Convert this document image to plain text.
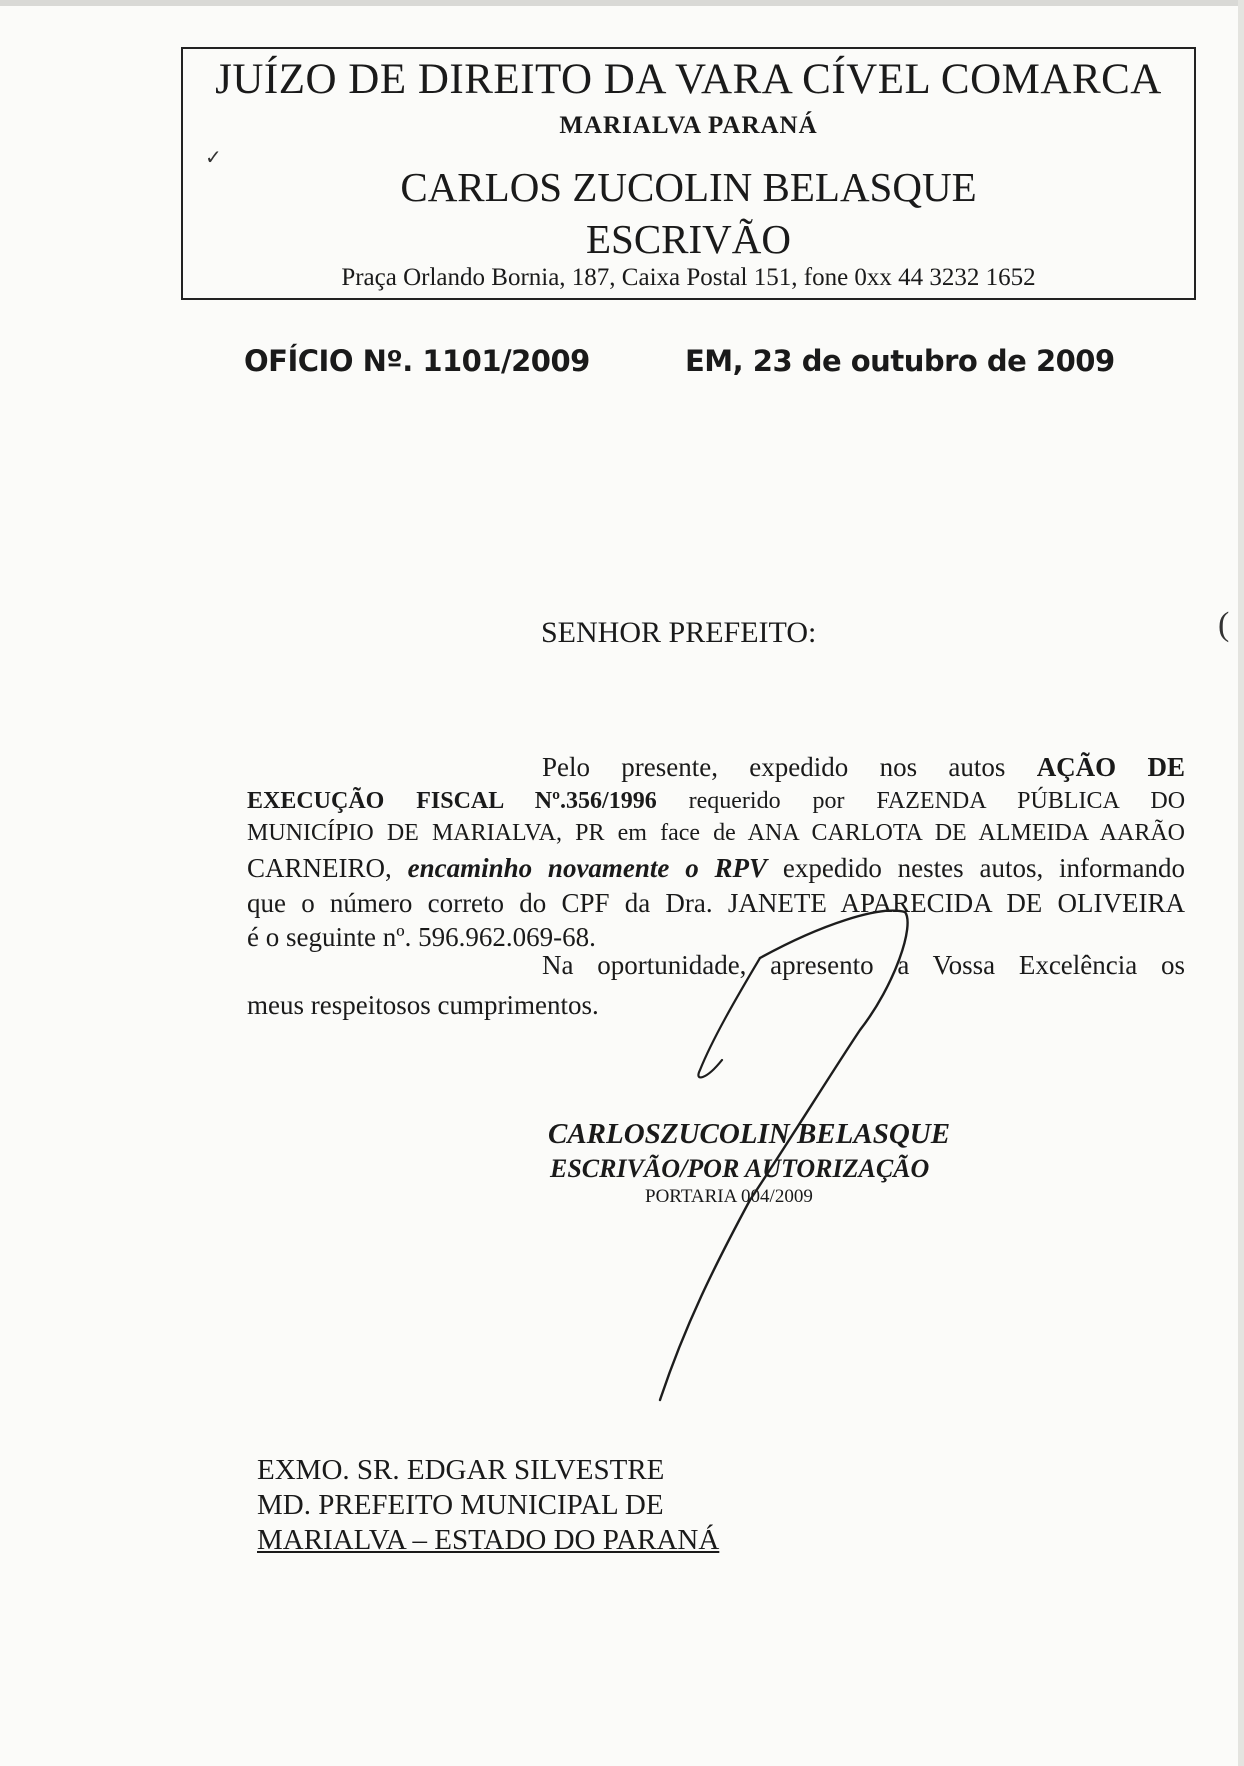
JUÍZO DE DIREITO DA VARA CÍVEL COMARCA
MARIALVA PARANÁ
✓
CARLOS ZUCOLIN BELASQUE
ESCRIVÃO
Praça Orlando Bornia, 187, Caixa Postal 151, fone 0xx 44 3232 1652
OFÍCIO Nº. 1101/2009	EM, 23 de outubro de 2009
SENHOR PREFEITO:	(
Pelo presente, expedido nos autos AÇÃO DE
EXECUÇÃO FISCAL Nº.356/1996 requerido por FAZENDA PÚBLICA DO
MUNICÍPIO DE MARIALVA, PR em face de ANA CARLOTA DE ALMEIDA AARÃO
CARNEIRO, encaminho novamente o RPV expedido nestes autos, informando
que o número correto do CPF da Dra. JANETE APARECIDA DE OLIVEIRA
é o seguinte nº. 596.962.069-68.
Na oportunidade, apresento a Vossa Excelência os
meus respeitosos cumprimentos.
CARLOSZUCOLIN BELASQUE
ESCRIVÃO/POR AUTORIZAÇÃO
PORTARIA 004/2009
EXMO. SR. EDGAR SILVESTRE
MD. PREFEITO MUNICIPAL DE
MARIALVA – ESTADO DO PARANÁ
